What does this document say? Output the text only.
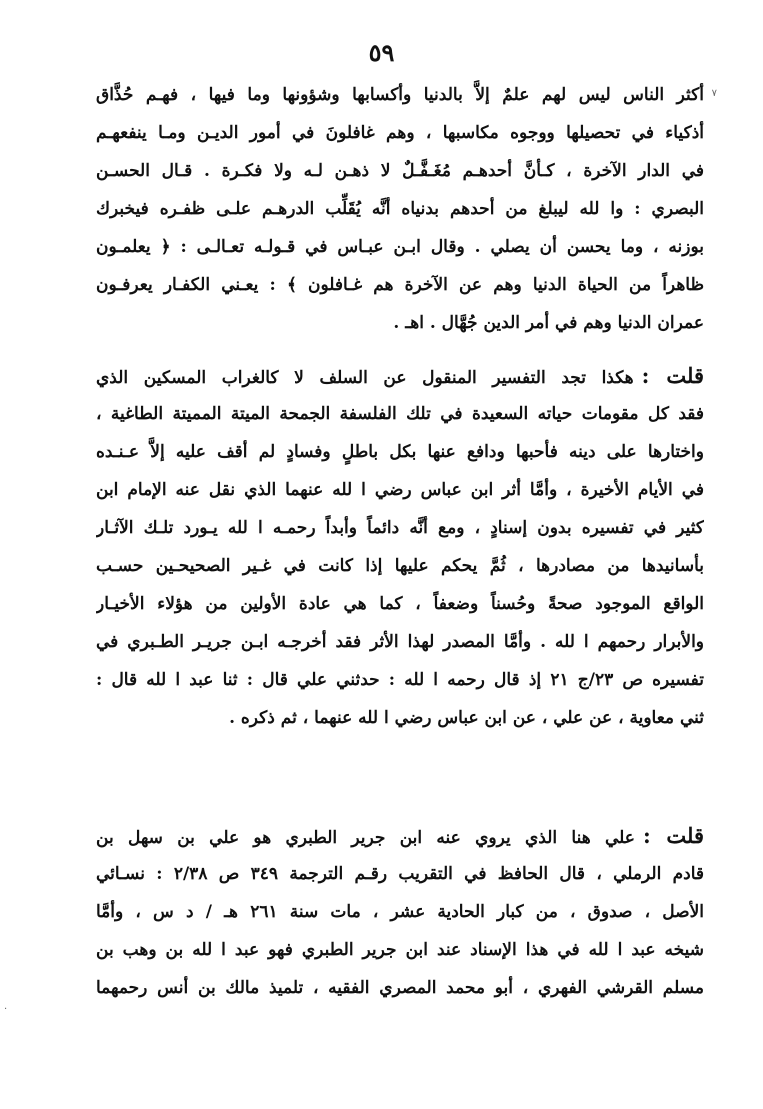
٥٩
٧
.
أكثر الناس ليس لهم علمٌ إلاَّ بالدنيا وأكسابها وشؤونها وما فيها ، فهـم حُذَّاق
أذكياء في تحصيلها ووجوه مكاسبها ، وهم غافلونَ في أمور الديـن ومـا ينفعهـم
في الدار الآخرة ، كـأنَّ أحدهـم مُغَـفَّـلٌ لا ذهـن لـه ولا فكـرة . قـال الحسـن
البصري : وا لله ليبلغ من أحدهم بدنياه أنَّه يُقَلِّب الدرهـم علـى ظفـره فيخبرك
بوزنه ، وما يحسن أن يصلي . وقال ابـن عبـاس في قـولـه تعـالـى : ﴿ يعلمـون
ظاهراً من الحياة الدنيا وهم عن الآخرة هم غـافلون ﴾ : يعـني الكفـار يعرفـون
عمران الدنيا وهم في أمر الدين جُهَّال . اهـ .
قلت :هكذا تجد التفسير المنقول عن السلف لا كالغراب المسكين الذي
فقد كل مقومات حياته السعيدة في تلك الفلسفة الجمحة الميتة المميتة الطاغية ،
واختارها على دينه فأحبها ودافع عنها بكل باطلٍ وفسادٍ لم أقف عليه إلاَّ عـنـده
في الأيام الأخيرة ، وأمَّا أثر ابن عباس رضي ا لله عنهما الذي نقل عنه الإمام ابن
كثير في تفسيره بدون إسنادٍ ، ومع أنَّه دائماً وأبداً رحمـه ا لله يـورد تلـك الآثـار
بأسانيدها من مصادرها ، ثُمَّ يحكم عليها إذا كانت في غـير الصحيحـين حسـب
الواقع الموجود صحةً وحُسناً وضعفاً ، كما هي عادة الأولين من هؤلاء الأخيـار
والأبرار رحمهم ا لله . وأمَّا المصدر لهذا الأثر فقد أخرجـه ابـن جريـر الطـبري في
تفسيره ص ٢٣/ج ٢١ إذ قال رحمه ا لله : حدثني علي قال : ثنا عبد ا لله قال :
ثني معاوية ، عن علي ، عن ابن عباس رضي ا لله عنهما ، ثم ذكره .
قلت :علي هنا الذي يروي عنه ابن جرير الطبري هو علي بن سهل بن
قادم الرملي ، قال الحافظ في التقريب رقـم الترجمة ٣٤٩ ص ٢/٣٨ : نسـائي
الأصل ، صدوق ، من كبار الحادية عشر ، مات سنة ٢٦١ هـ / د س ، وأمَّا
شيخه عبد ا لله في هذا الإسناد عند ابن جرير الطبري فهو عبد ا لله بن وهب بن
مسلم القرشي الفهري ، أبو محمد المصري الفقيه ، تلميذ مالك بن أنس رحمهما
